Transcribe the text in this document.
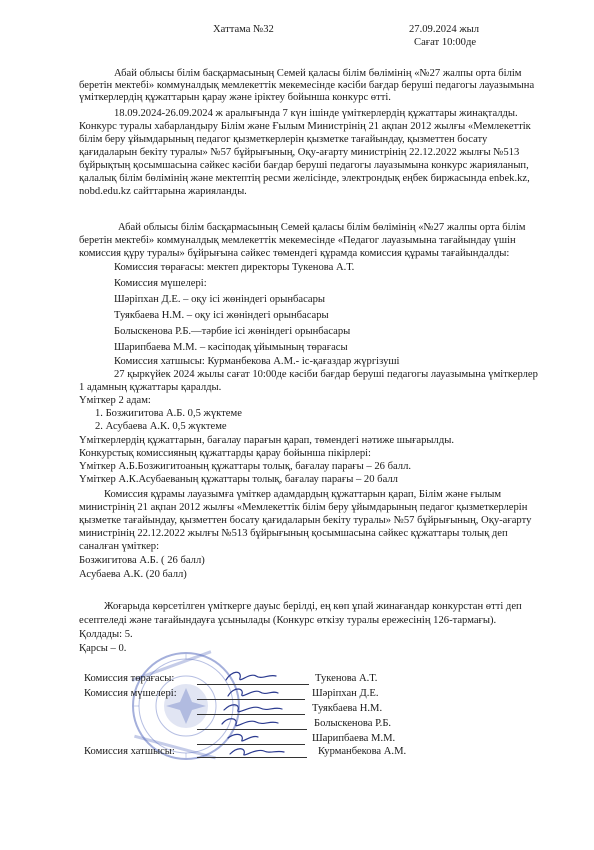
Хаттама №32	27.09.2024 жыл
Сағат 10:00де
Абай облысы білім басқармасының Семей қаласы білім бөлімінің «№27 жалпы орта білім
беретін мектебі» коммуналдық мемлекеттік мекемесінде кәсіби бағдар беруші педагогы лауазымына
үміткерлердің құжаттарын қарау және іріктеу бойынша конкурс өтті.
18.09.2024-26.09.2024 ж аралығында 7 күн ішінде үміткерлердің құжаттары жинақталды.
Конкурс туралы хабарландыру Білім және Ғылым Министрінің 21 ақпан 2012 жылғы «Мемлекеттік
білім беру ұйымдарының педагог қызметкерлерін қызметке тағайындау, қызметтен босату
қағидаларын бекіту туралы» №57 бұйрығының, Оқу-ағарту министрінің 22.12.2022 жылғы №513
бұйрықтың қосымшасына сәйкес кәсіби бағдар беруші педагогы лауазымына конкурс жарияланып,
қалалық білім бөлімінің және мектептің ресми желісінде, электрондық еңбек биржасында enbek.kz,
nobd.edu.kz сайттарына жарияланды.
Абай облысы білім басқармасының Семей қаласы білім бөлімінің «№27 жалпы орта білім
беретін мектебі» коммуналдық мемлекеттік мекемесінде «Педагог лауазымына тағайындау үшін
комиссия құру туралы» бұйрығына сәйкес төмендегі құрамда комиссия құрамы тағайындалды:
Комиссия төрағасы: мектеп директоры Тукенова А.Т.
Комиссия мүшелері:
Шәріпхан Д.Е. – оқу ісі жөніндегі орынбасары
Туякбаева Н.М. – оқу ісі жөніндегі орынбасары
Болыскенова Р.Б.—тәрбие ісі жөніндегі орынбасары
Шарипбаева М.М. – кәсіподақ ұйымының төрағасы
Комиссия хатшысы: Курманбекова А.М.- іс-қағаздар жүргізуші
27 қыркүйек 2024 жылы сағат 10:00де кәсіби бағдар беруші педагогы лауазымына үміткерлер
1 адамның құжаттары қаралды.
Үміткер 2 адам:
1. Бозжигитова А.Б. 0,5 жүктеме
2. Асубаева А.К. 0,5 жүктеме
Үміткерлердің құжаттарын, бағалау парағын қарап, төмендегі нәтиже шығарылды.
Конкурстық комиссияның құжаттарды қарау бойынша пікірлері:
Үміткер А.Б.Бозжигитоаның құжаттары толық, бағалау парағы – 26 балл.
Үміткер А.К.Асубаеваның құжаттары толық, бағалау парағы – 20 балл
Комиссия құрамы лауазымға үміткер адамдардың құжаттарын қарап, Білім және ғылым
министрінің 21 ақпан 2012 жылғы «Мемлекеттік білім беру ұйымдарының педагог қызметкерлерін
қызметке тағайындау, қызметтен босату қағидаларын бекіту туралы» №57 бұйрығының, Оқу-ағарту
министрінің 22.12.2022 жылғы №513 бұйрығының қосымшасына сәйкес құжаттары толық деп
саналған үміткер:
Бозжигитова А.Б. ( 26 балл)
Асубаева А.К. (20 балл)
Жоғарыда көрсетілген үміткерге дауыс берілді, ең көп ұпай жинағандар конкурстан өтті деп
есептеледі және тағайындауға ұсынылады (Конкурс өткізу туралы ережесінің 126-тармағы).
Қолдады: 5.
Қарсы – 0.
Комиссия төрағасы:	Тукенова А.Т.
Комиссия мүшелері:	Шәріпхан Д.Е.
Туякбаева Н.М.
Болыскенова Р.Б.
Шарипбаева М.М.
Комиссия хатшысы:	Курманбекова А.М.
